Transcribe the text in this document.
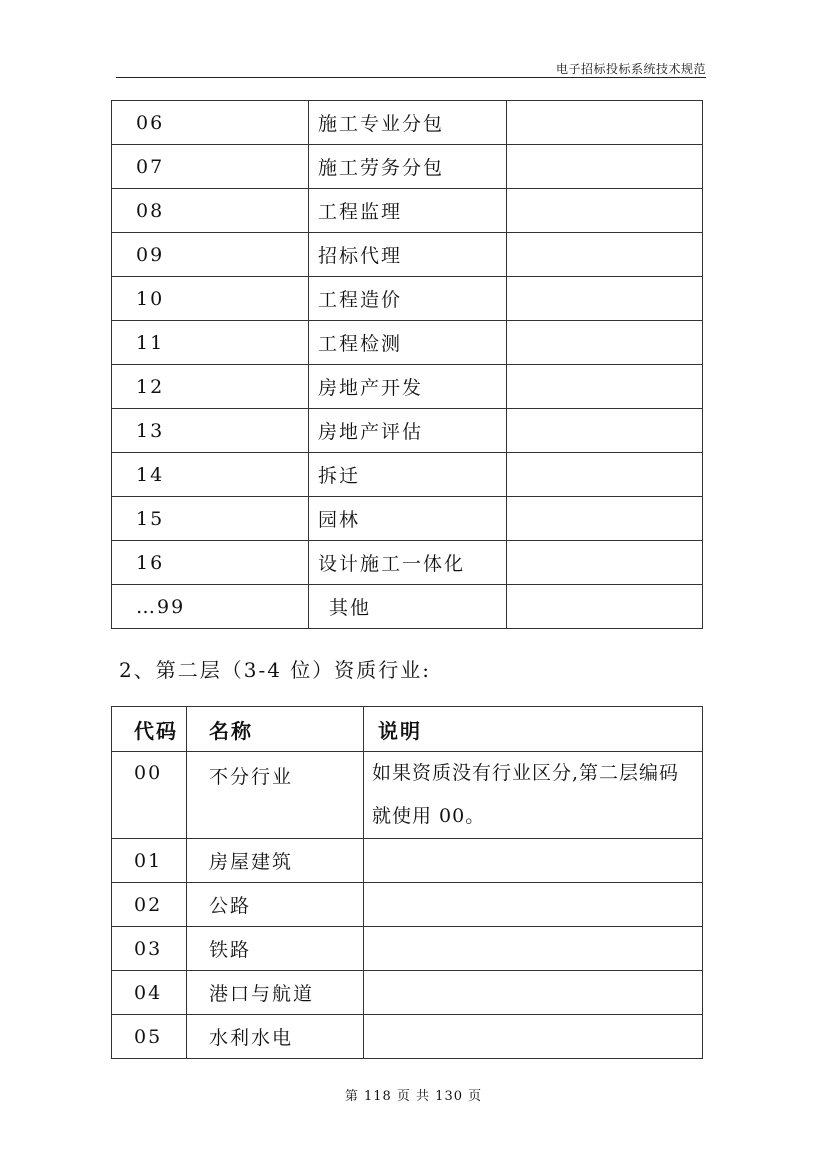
电子招标投标系统技术规范
06	施工专业分包	
07	施工劳务分包	
08	工程监理	
09	招标代理	
10	工程造价	
11	工程检测	
12	房地产开发	
13	房地产评估	
14	拆迁	
15	园林	
16	设计施工一体化	
…99	其他	
2、第二层（3-4 位）资质行业:
代码	名称	说明
00	不分行业	如果资质没有行业区分,第二层编码就使用 00。
01	房屋建筑	
02	公路	
03	铁路	
04	港口与航道	
05	水利水电	
第 118 页 共 130 页
